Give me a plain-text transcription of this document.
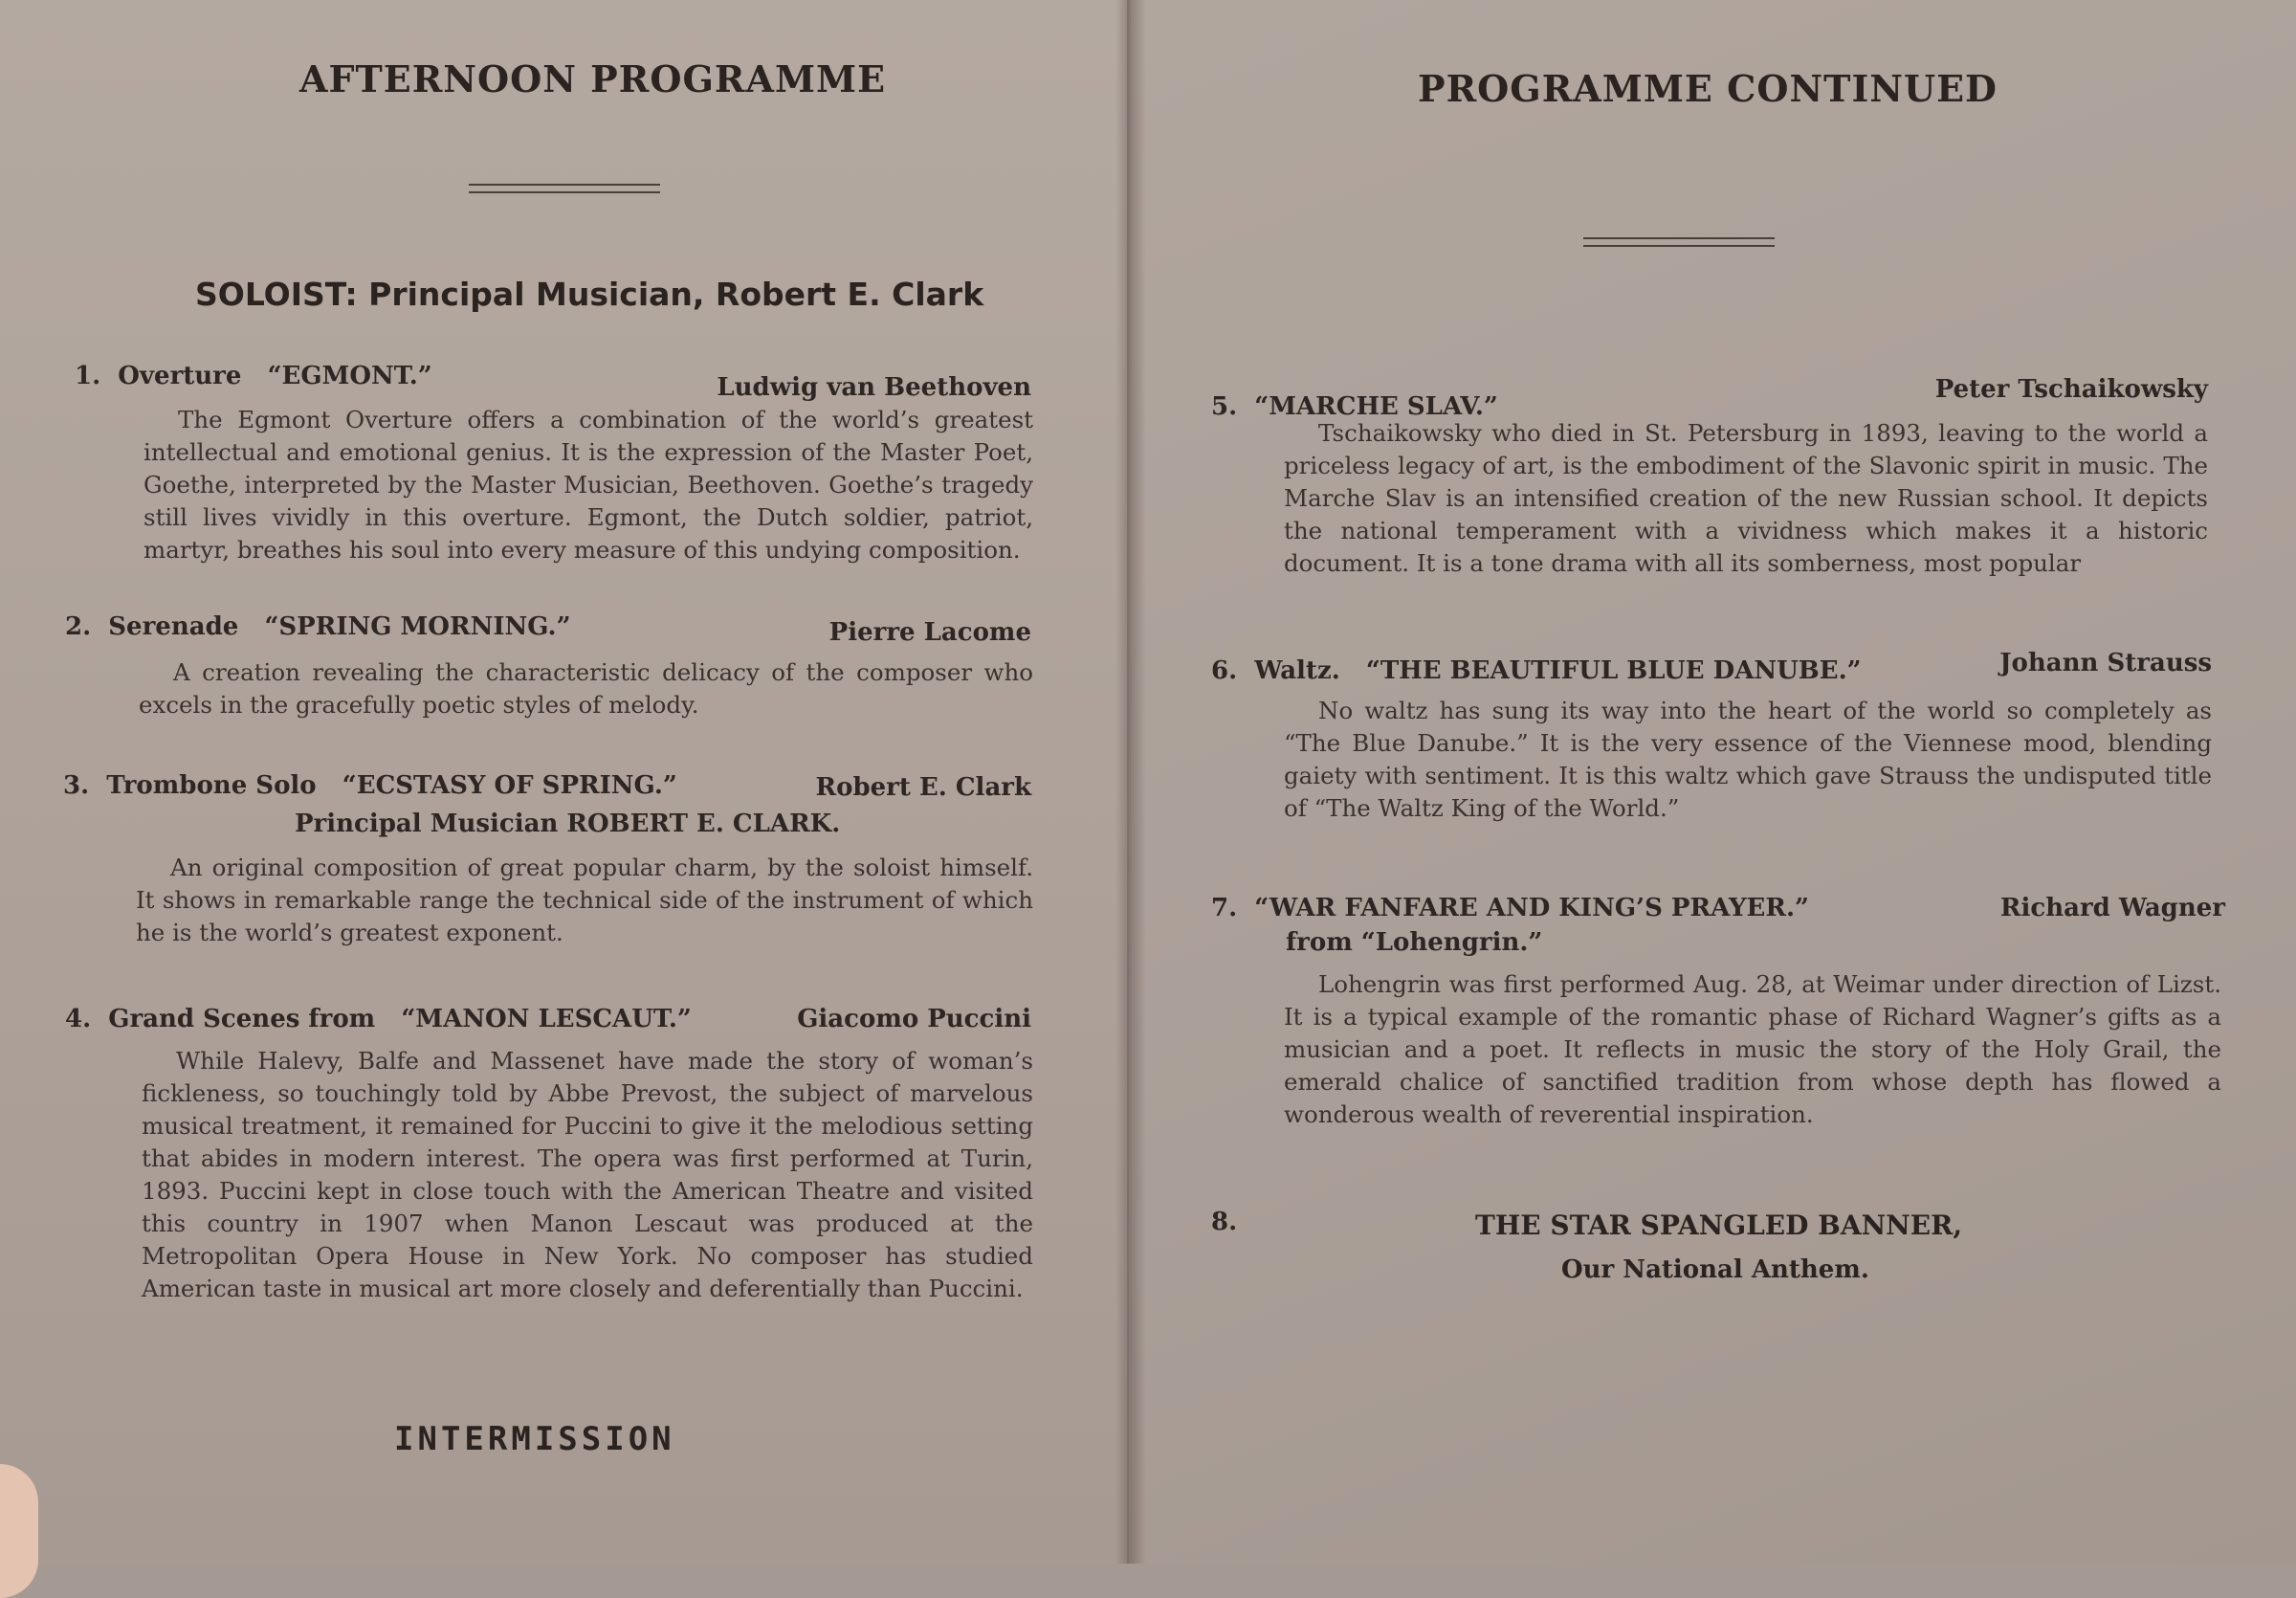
AFTERNOON PROGRAMME
SOLOIST: Principal Musician, Robert E. Clark
1. Overture “EGMONT.”	Ludwig van Beethoven

The Egmont Overture offers a combination of the world’s greatest intellectual and emotional genius. It is the expression of the Master Poet, Goethe, interpreted by the Master Musician, Beethoven. Goethe’s tragedy still lives vividly in this overture. Egmont, the Dutch soldier, patriot, martyr, breathes his soul into every measure of this undying composition.

2. Serenade “SPRING MORNING.”	Pierre Lacome

A creation revealing the characteristic delicacy of the composer who excels in the gracefully poetic styles of melody.

3. Trombone Solo “ECSTASY OF SPRING.”	Robert E. Clark
Principal Musician ROBERT E. CLARK.

An original composition of great popular charm, by the soloist himself. It shows in remarkable range the technical side of the instrument of which he is the world’s greatest exponent.

4. Grand Scenes from “MANON LESCAUT.”	Giacomo Puccini

While Halevy, Balfe and Massenet have made the story of woman’s fickleness, so touchingly told by Abbe Prevost, the subject of marvelous musical treatment, it remained for Puccini to give it the melodious setting that abides in modern interest. The opera was first performed at Turin, 1893. Puccini kept in close touch with the American Theatre and visited this country in 1907 when Manon Lescaut was produced at the Metropolitan Opera House in New York. No composer has studied American taste in musical art more closely and deferentially than Puccini.

INTERMISSION
PROGRAMME CONTINUED
5. “MARCHE SLAV.”
Peter Tschaikowsky

Tschaikowsky who died in St. Petersburg in 1893, leaving to the world a priceless legacy of art, is the embodiment of the Slavonic spirit in music. The Marche Slav is an intensified creation of the new Russian school. It depicts the national temperament with a vividness which makes it a historic document. It is a tone drama with all its somberness, most popular

6. Waltz. “THE BEAUTIFUL BLUE DANUBE.”	Johann Strauss

No waltz has sung its way into the heart of the world so completely as “The Blue Danube.” It is the very essence of the Viennese mood, blending gaiety with sentiment. It is this waltz which gave Strauss the undisputed title of “The Waltz King of the World.”

7. “WAR FANFARE AND KING’S PRAYER.”	Richard Wagner
from “Lohengrin.”

Lohengrin was first performed Aug. 28, at Weimar under direction of Lizst. It is a typical example of the romantic phase of Richard Wagner’s gifts as a musician and a poet. It reflects in music the story of the Holy Grail, the emerald chalice of sanctified tradition from whose depth has flowed a wonderous wealth of reverential inspiration.

8.	THE STAR SPANGLED BANNER,
Our National Anthem.
